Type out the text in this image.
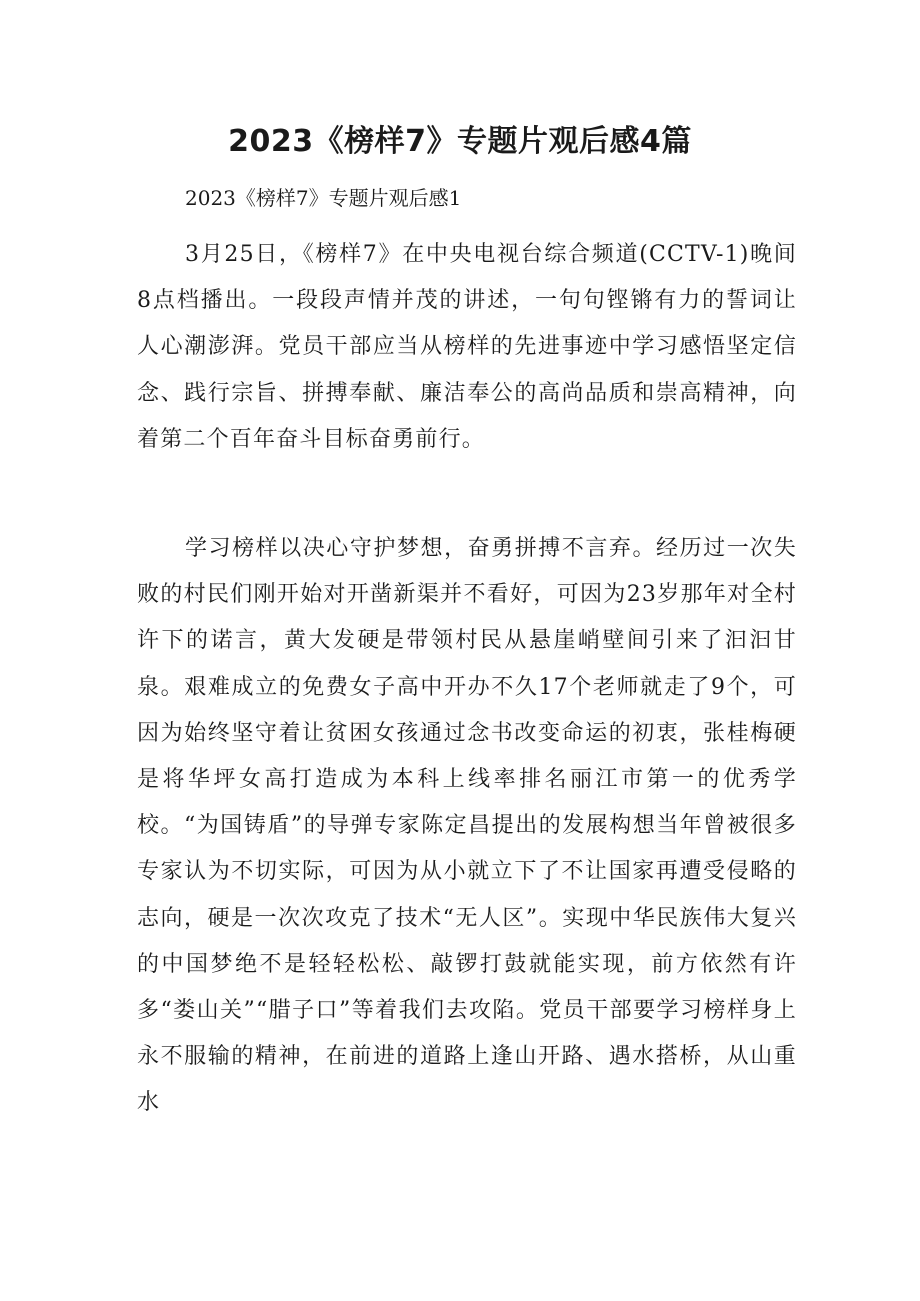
2023《榜样7》专题片观后感4篇

2023《榜样7》专题片观后感1

3月25日，《榜样7》在中央电视台综合频道(CCTV-1)晚间8点档播出。一段段声情并茂的讲述，一句句铿锵有力的誓词让人心潮澎湃。党员干部应当从榜样的先进事迹中学习感悟坚定信念、践行宗旨、拼搏奉献、廉洁奉公的高尚品质和崇高精神，向着第二个百年奋斗目标奋勇前行。

学习榜样以决心守护梦想，奋勇拼搏不言弃。经历过一次失败的村民们刚开始对开凿新渠并不看好，可因为23岁那年对全村许下的诺言，黄大发硬是带领村民从悬崖峭壁间引来了汩汩甘泉。艰难成立的免费女子高中开办不久17个老师就走了9个，可因为始终坚守着让贫困女孩通过念书改变命运的初衷，张桂梅硬是将华坪女高打造成为本科上线率排名丽江市第一的优秀学校。“为国铸盾”的导弹专家陈定昌提出的发展构想当年曾被很多专家认为不切实际，可因为从小就立下了不让国家再遭受侵略的志向，硬是一次次攻克了技术“无人区”。实现中华民族伟大复兴的中国梦绝不是轻轻松松、敲锣打鼓就能实现，前方依然有许多“娄山关”“腊子口”等着我们去攻陷。党员干部要学习榜样身上永不服输的精神，在前进的道路上逢山开路、遇水搭桥，从山重水
